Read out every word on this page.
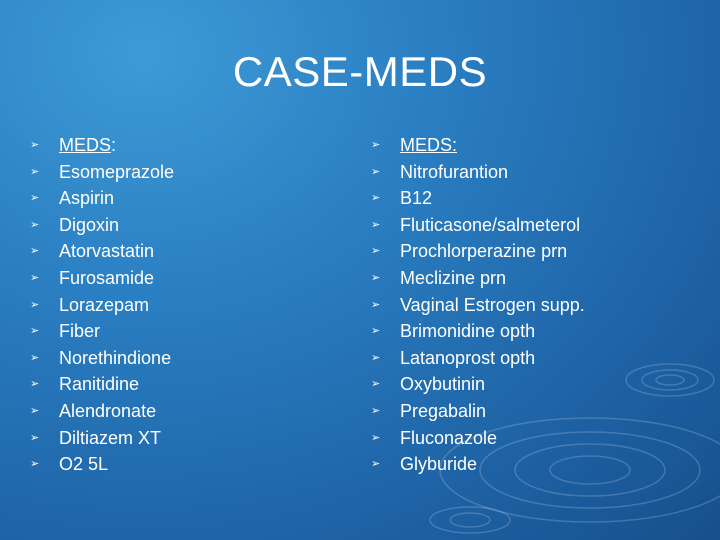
CASE-MEDS
➢ MEDS:
➢ Esomeprazole
➢ Aspirin
➢ Digoxin
➢ Atorvastatin
➢ Furosamide
➢ Lorazepam
➢ Fiber
➢ Norethindione
➢ Ranitidine
➢ Alendronate
➢ Diltiazem XT
➢ O2 5L
➢ MEDS:
➢ Nitrofurantion
➢ B12
➢ Fluticasone/salmeterol
➢ Prochlorperazine prn
➢ Meclizine prn
➢ Vaginal Estrogen supp.
➢ Brimonidine opth
➢ Latanoprost opth
➢ Oxybutinin
➢ Pregabalin
➢ Fluconazole
➢ Glyburide
